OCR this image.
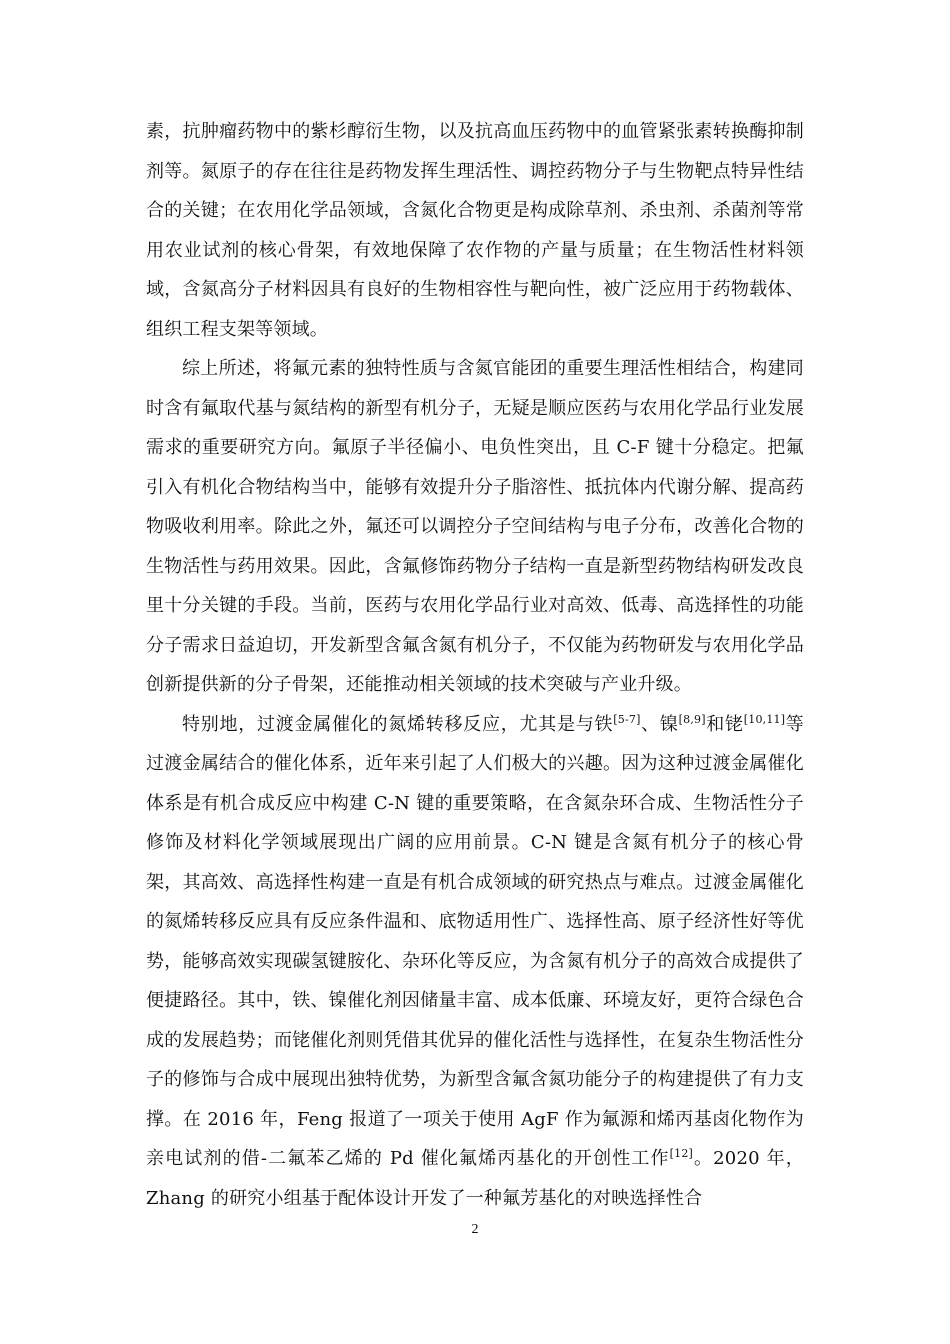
素，抗肿瘤药物中的紫杉醇衍生物，以及抗高血压药物中的血管紧张素转换酶抑制剂等。氮原子的存在往往是药物发挥生理活性、调控药物分子与生物靶点特异性结合的关键；在农用化学品领域，含氮化合物更是构成除草剂、杀虫剂、杀菌剂等常用农业试剂的核心骨架，有效地保障了农作物的产量与质量；在生物活性材料领域，含氮高分子材料因具有良好的生物相容性与靶向性，被广泛应用于药物载体、组织工程支架等领域。

综上所述，将氟元素的独特性质与含氮官能团的重要生理活性相结合，构建同时含有氟取代基与氮结构的新型有机分子，无疑是顺应医药与农用化学品行业发展需求的重要研究方向。氟原子半径偏小、电负性突出，且 C-F 键十分稳定。把氟引入有机化合物结构当中，能够有效提升分子脂溶性、抵抗体内代谢分解、提高药物吸收利用率。除此之外，氟还可以调控分子空间结构与电子分布，改善化合物的生物活性与药用效果。因此，含氟修饰药物分子结构一直是新型药物结构研发改良里十分关键的手段。当前，医药与农用化学品行业对高效、低毒、高选择性的功能分子需求日益迫切，开发新型含氟含氮有机分子，不仅能为药物研发与农用化学品创新提供新的分子骨架，还能推动相关领域的技术突破与产业升级。

特别地，过渡金属催化的氮烯转移反应，尤其是与铁[5-7]、镍[8,9]和铑[10,11]等过渡金属结合的催化体系，近年来引起了人们极大的兴趣。因为这种过渡金属催化体系是有机合成反应中构建 C-N 键的重要策略，在含氮杂环合成、生物活性分子修饰及材料化学领域展现出广阔的应用前景。C-N 键是含氮有机分子的核心骨架，其高效、高选择性构建一直是有机合成领域的研究热点与难点。过渡金属催化的氮烯转移反应具有反应条件温和、底物适用性广、选择性高、原子经济性好等优势，能够高效实现碳氢键胺化、杂环化等反应，为含氮有机分子的高效合成提供了便捷路径。其中，铁、镍催化剂因储量丰富、成本低廉、环境友好，更符合绿色合成的发展趋势；而铑催化剂则凭借其优异的催化活性与选择性，在复杂生物活性分子的修饰与合成中展现出独特优势，为新型含氟含氮功能分子的构建提供了有力支撑。在 2016 年，Feng 报道了一项关于使用 AgF 作为氟源和烯丙基卤化物作为亲电试剂的借-二氟苯乙烯的 Pd 催化氟烯丙基化的开创性工作[12]。2020 年，Zhang 的研究小组基于配体设计开发了一种氟芳基化的对映选择性合

2
